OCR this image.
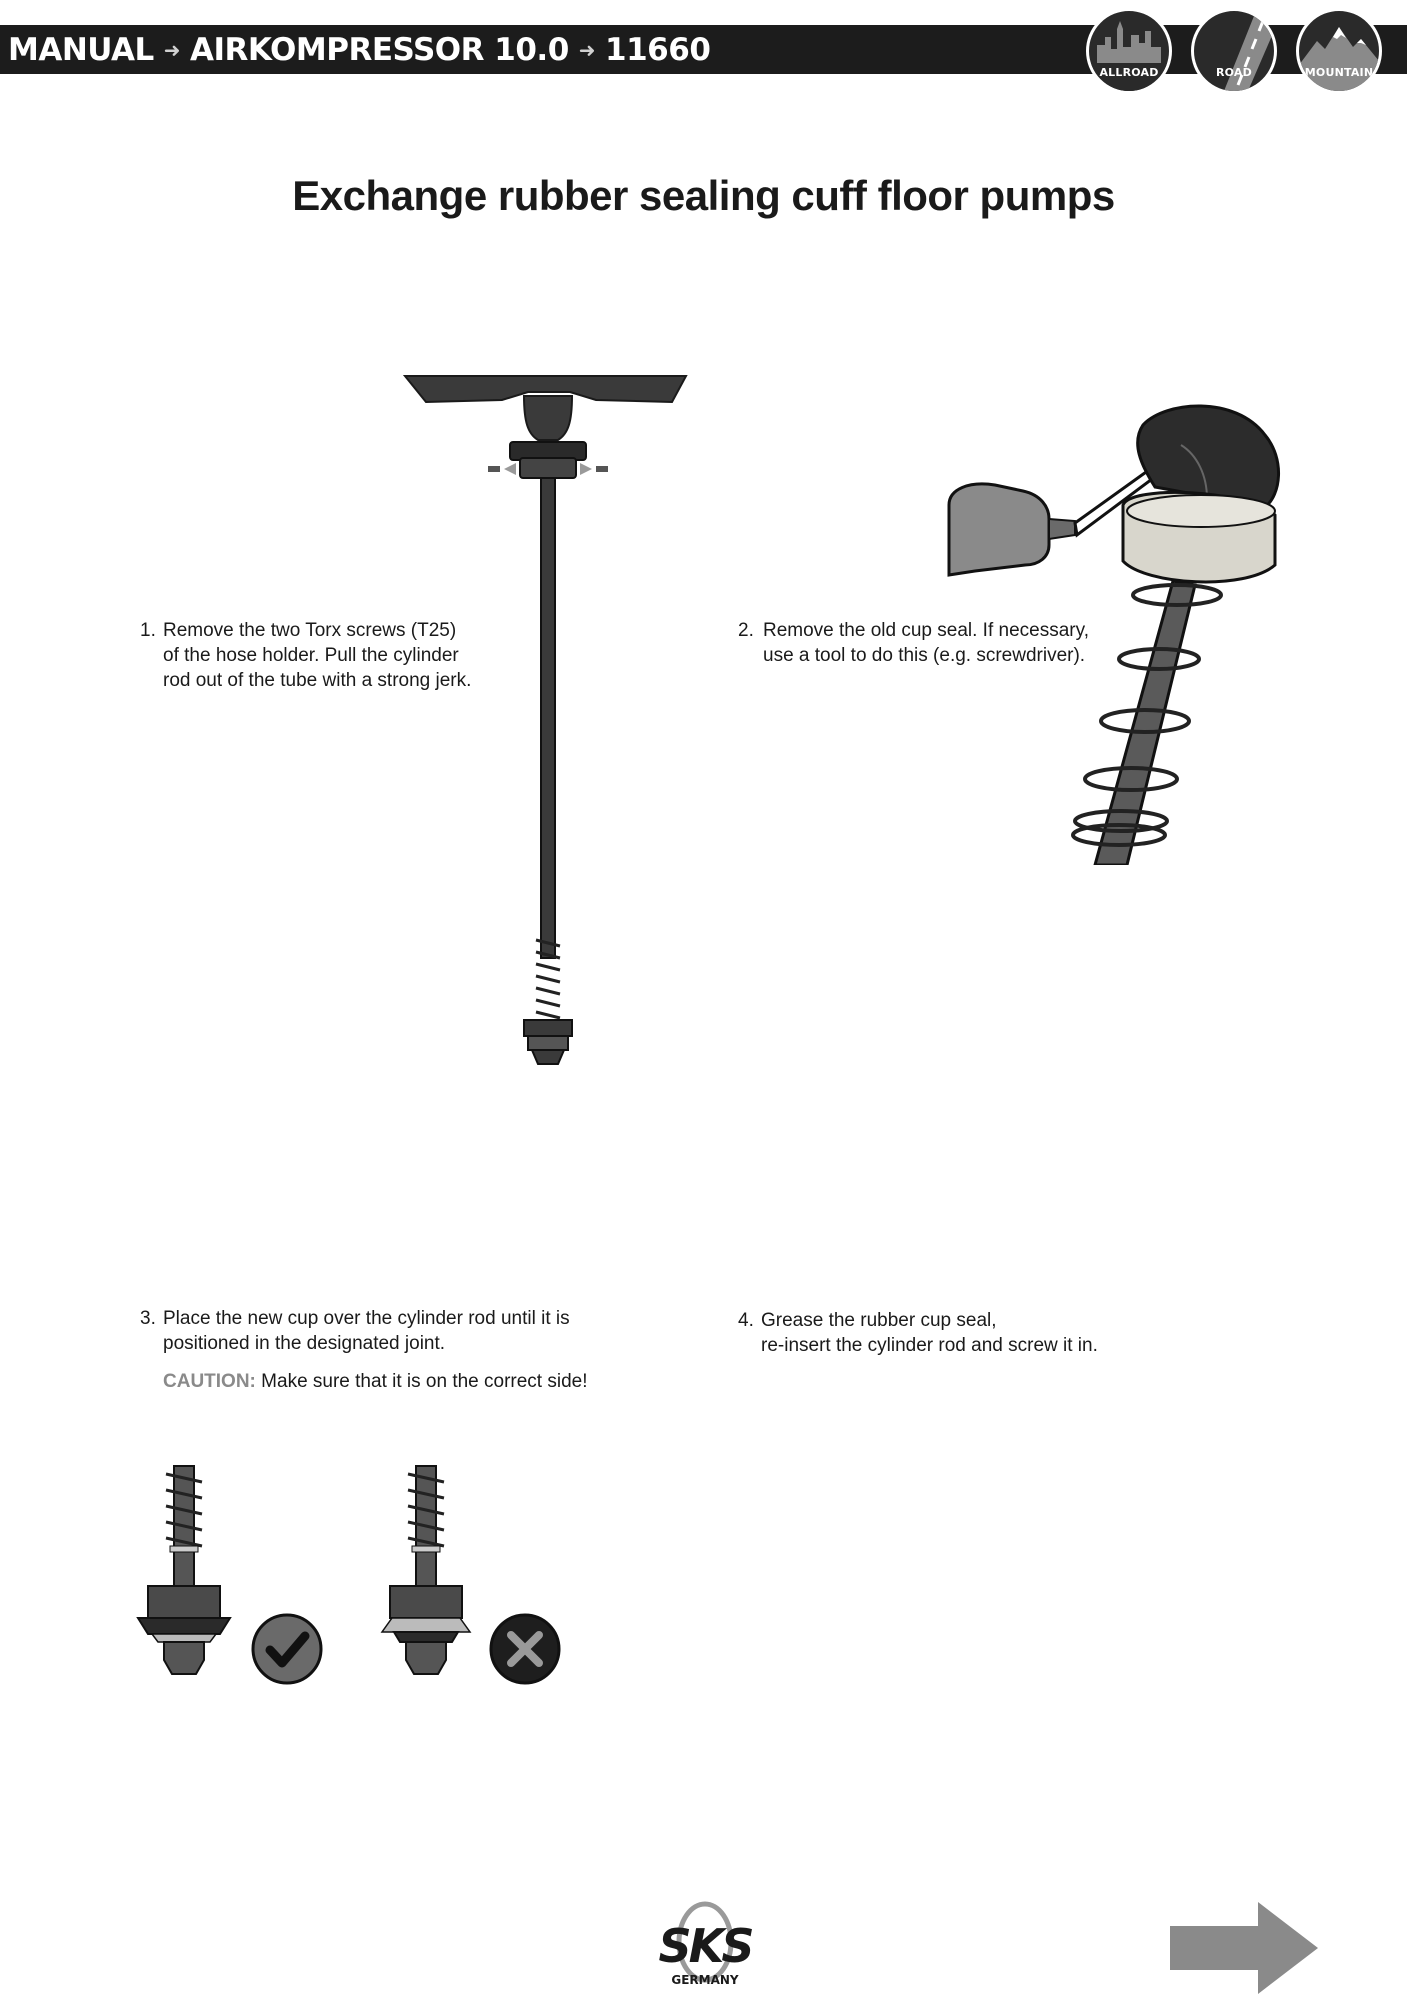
MANUAL ➜ AIRKOMPRESSOR 10.0 ➜ 11660
ALLROAD	ROAD	MOUNTAIN
Exchange rubber sealing cuff floor pumps
1. Remove the two Torx screws (T25)
of the hose holder. Pull the cylinder
rod out of the tube with a strong jerk.
2. Remove the old cup seal. If necessary,
use a tool to do this (e.g. screwdriver).
3. Place the new cup over the cylinder rod until it is
positioned in the designated joint.
CAUTION: Make sure that it is on the correct side!
4. Grease the rubber cup seal,
re-insert the cylinder rod and screw it in.
SKS
GERMANY
